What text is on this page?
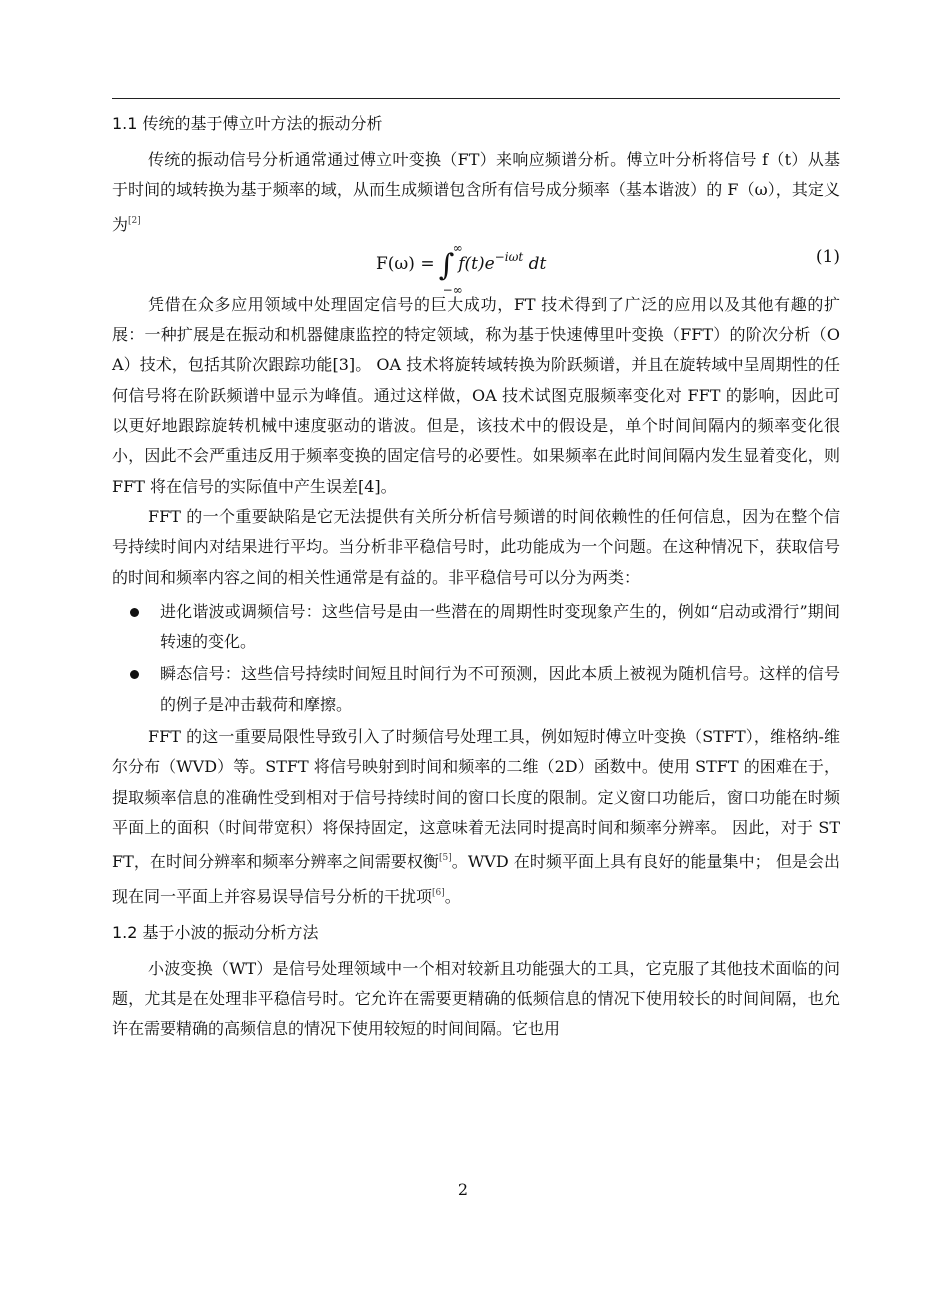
1.1 传统的基于傅立叶方法的振动分析

传统的振动信号分析通常通过傅立叶变换（FT）来响应频谱分析。傅立叶分析将信号 f（t）从基于时间的域转换为基于频率的域，从而生成频谱包含所有信号成分频率（基本谐波）的 F（ω），其定义为[2]

F(ω) = ∫
∞
−∞
$f(t)e^{-i\omega t}$ dt	(1)

凭借在众多应用领域中处理固定信号的巨大成功，FT 技术得到了广泛的应用以及其他有趣的扩展：一种扩展是在振动和机器健康监控的特定领域，称为基于快速傅里叶变换（FFT）的阶次分析（OA）技术，包括其阶次跟踪功能[3]。 OA 技术将旋转域转换为阶跃频谱，并且在旋转域中呈周期性的任何信号将在阶跃频谱中显示为峰值。通过这样做，OA 技术试图克服频率变化对 FFT 的影响，因此可以更好地跟踪旋转机械中速度驱动的谐波。但是，该技术中的假设是，单个时间间隔内的频率变化很小，因此不会严重违反用于频率变换的固定信号的必要性。如果频率在此时间间隔内发生显着变化，则 FFT 将在信号的实际值中产生误差[4]。

FFT 的一个重要缺陷是它无法提供有关所分析信号频谱的时间依赖性的任何信息，因为在整个信号持续时间内对结果进行平均。当分析非平稳信号时，此功能成为一个问题。在这种情况下，获取信号的时间和频率内容之间的相关性通常是有益的。非平稳信号可以分为两类：

进化谐波或调频信号：这些信号是由一些潜在的周期性时变现象产生的，例如“启动或滑行”期间转速的变化。
瞬态信号：这些信号持续时间短且时间行为不可预测，因此本质上被视为随机信号。这样的信号的例子是冲击载荷和摩擦。

FFT 的这一重要局限性导致引入了时频信号处理工具，例如短时傅立叶变换（STFT），维格纳-维尔分布（WVD）等。STFT 将信号映射到时间和频率的二维（2D）函数中。使用 STFT 的困难在于，提取频率信息的准确性受到相对于信号持续时间的窗口长度的限制。定义窗口功能后，窗口功能在时频平面上的面积（时间带宽积）将保持固定，这意味着无法同时提高时间和频率分辨率。 因此，对于 STFT，在时间分辨率和频率分辨率之间需要权衡[5]。WVD 在时频平面上具有良好的能量集中； 但是会出现在同一平面上并容易误导信号分析的干扰项[6]。

1.2 基于小波的振动分析方法

小波变换（WT）是信号处理领域中一个相对较新且功能强大的工具，它克服了其他技术面临的问题，尤其是在处理非平稳信号时。它允许在需要更精确的低频信息的情况下使用较长的时间间隔，也允许在需要精确的高频信息的情况下使用较短的时间间隔。它也用

2
